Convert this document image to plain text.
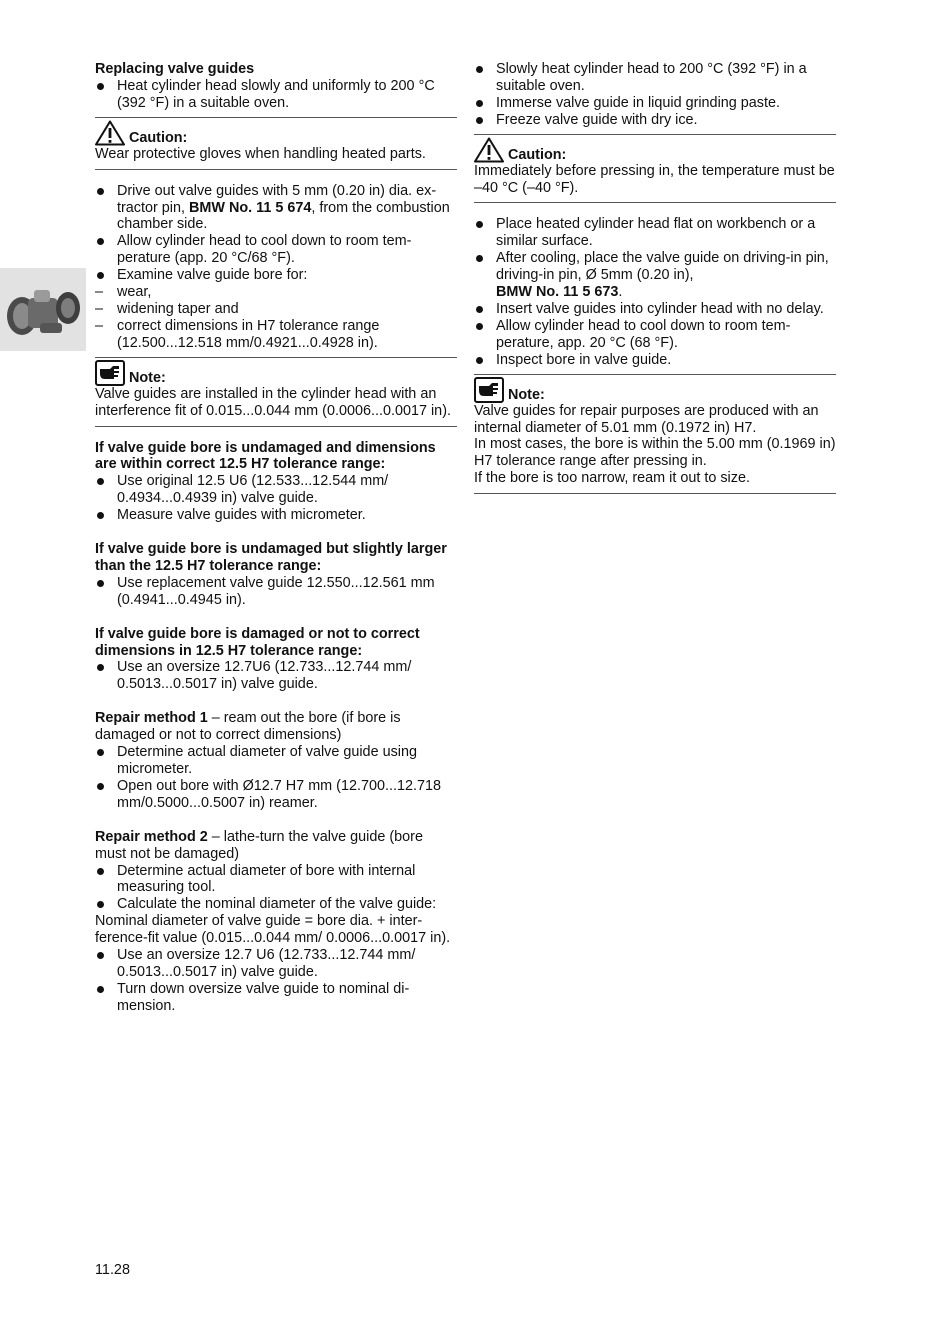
Replacing valve guides

Heat cylinder head slowly and uniformly to 200 °C (392 °F) in a suitable oven.
Caution:

Wear protective gloves when handling heated parts.

Drive out valve guides with 5 mm (0.20 in) dia. extractor pin, BMW No. 11 5 674, from the combustion chamber side.
Allow cylinder head to cool down to room temperature (app. 20 °C/68 °F).
Examine valve guide bore for:
– wear,
– widening taper and
– correct dimensions in H7 tolerance range (12.500...12.518 mm/0.4921...0.4928 in).
Note:

Valve guides are installed in the cylinder head with an interference fit of 0.015...0.044 mm (0.0006...0.0017 in).

If valve guide bore is undamaged and dimensions are within correct 12.5 H7 tolerance range:

Use original 12.5 U6 (12.533...12.544 mm/ 0.4934...0.4939 in) valve guide.
Measure valve guides with micrometer.

If valve guide bore is undamaged but slightly larger than the 12.5 H7 tolerance range:

Use replacement valve guide 12.550...12.561 mm (0.4941...0.4945 in).

If valve guide bore is damaged or not to correct dimensions in 12.5 H7 tolerance range:

Use an oversize 12.7U6 (12.733...12.744 mm/ 0.5013...0.5017 in) valve guide.

Repair method 1 – ream out the bore (if bore is damaged or not to correct dimensions)

Determine actual diameter of valve guide using micrometer.
Open out bore with Ø12.7 H7 mm (12.700...12.718 mm/0.5000...0.5007 in) reamer.

Repair method 2 – lathe-turn the valve guide (bore must not be damaged)

Determine actual diameter of bore with internal measuring tool.
Calculate the nominal diameter of the valve guide:

Nominal diameter of valve guide = bore dia. + interference-fit value (0.015...0.044 mm/ 0.0006...0.0017 in).

Use an oversize 12.7 U6 (12.733...12.744 mm/ 0.5013...0.5017 in) valve guide.
Turn down oversize valve guide to nominal dimension.
Slowly heat cylinder head to 200 °C (392 °F) in a suitable oven.
Immerse valve guide in liquid grinding paste.
Freeze valve guide with dry ice.
Caution:

Immediately before pressing in, the temperature must be –40 °C (–40 °F).

Place heated cylinder head flat on workbench or a similar surface.
After cooling, place the valve guide on driving-in pin, driving-in pin, Ø 5mm (0.20 in),
BMW No. 11 5 673.
Insert valve guides into cylinder head with no delay.
Allow cylinder head to cool down to room temperature, app. 20 °C (68 °F).
Inspect bore in valve guide.
Note:

Valve guides for repair purposes are produced with an internal diameter of 5.01 mm (0.1972 in) H7.

In most cases, the bore is within the 5.00 mm (0.1969 in) H7 tolerance range after pressing in.

If the bore is too narrow, ream it out to size.

11.28
